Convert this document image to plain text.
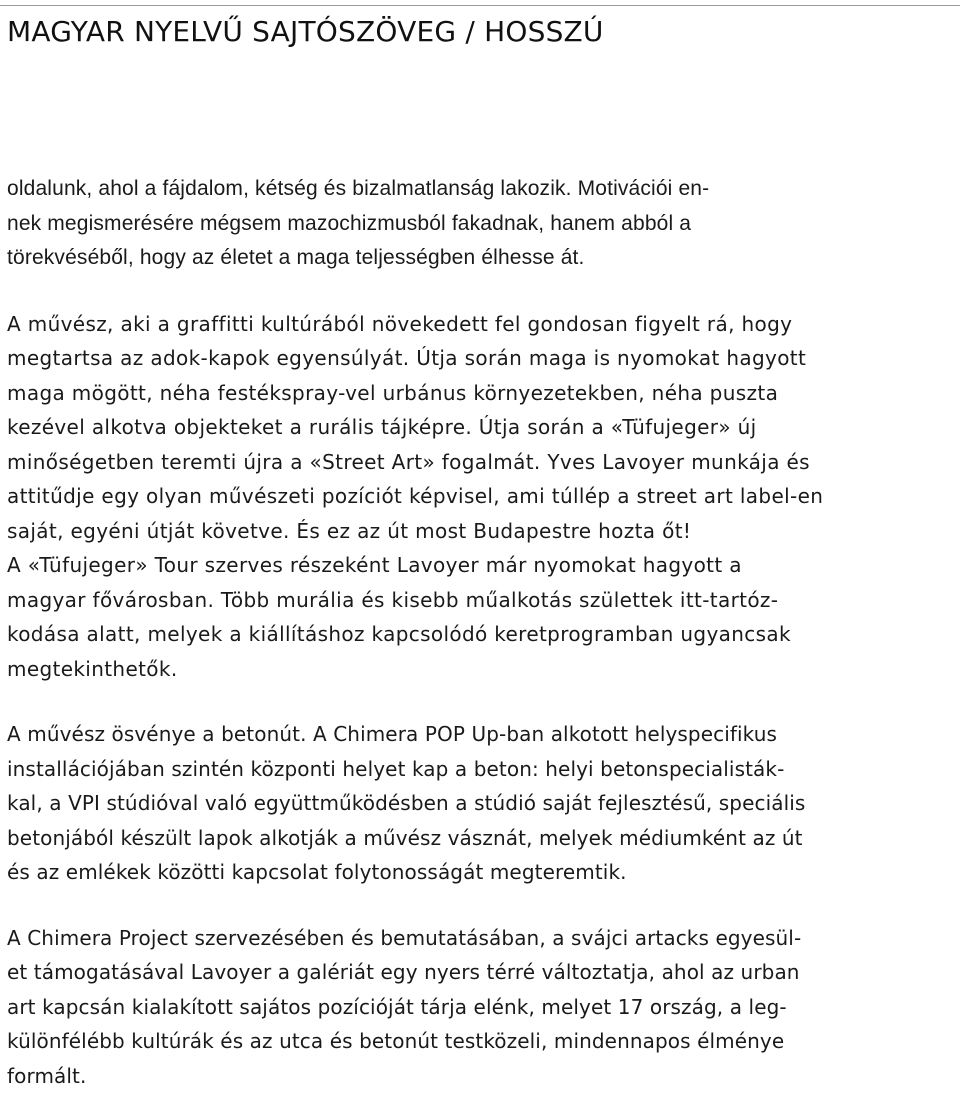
MAGYAR NYELVŰ SAJTÓSZÖVEG / HOSSZÚ

oldalunk, ahol a fájdalom, kétség és bizalmatlanság lakozik. Motivációi en-
nek megismerésére mégsem mazochizmusból fakadnak, hanem abból a
törekvéséből, hogy az életet a maga teljességben élhesse át.

A művész, aki a graffitti kultúrából növekedett fel gondosan figyelt rá, hogy
megtartsa az adok-kapok egyensúlyát. Útja során maga is nyomokat hagyott
maga mögött, néha festékspray-vel urbánus környezetekben, néha puszta
kezével alkotva objekteket a rurális tájképre. Útja során a «Tüfujeger» új
minőségetben teremti újra a «Street Art» fogalmát. Yves Lavoyer munkája és
attitűdje egy olyan művészeti pozíciót képvisel, ami túllép a street art label-en
saját, egyéni útját követve. És ez az út most Budapestre hozta őt!
A «Tüfujeger» Tour szerves részeként Lavoyer már nyomokat hagyott a
magyar fővárosban. Több murália és kisebb műalkotás születtek itt-tartóz-
kodása alatt, melyek a kiállításhoz kapcsolódó keretprogramban ugyancsak
megtekinthetők.

A művész ösvénye a betonút. A Chimera POP Up-ban alkotott helyspecifikus
installációjában szintén központi helyet kap a beton: helyi betonspecialisták-
kal, a VPI stúdióval való együttműködésben a stúdió saját fejlesztésű, speciális
betonjából készült lapok alkotják a művész vásznát, melyek médiumként az út
és az emlékek közötti kapcsolat folytonosságát megteremtik.

A Chimera Project szervezésében és bemutatásában, a svájci artacks egyesül-
et támogatásával Lavoyer a galériát egy nyers térré változtatja, ahol az urban
art kapcsán kialakított sajátos pozícióját tárja elénk, melyet 17 ország, a leg-
különfélébb kultúrák és az utca és betonút testközeli, mindennapos élménye
formált.
